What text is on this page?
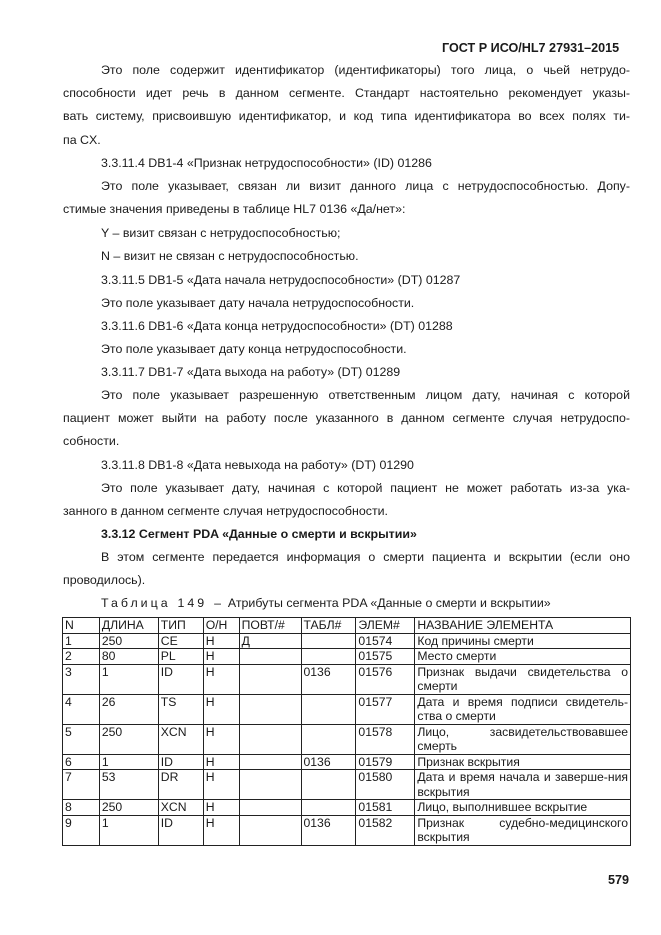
ГОСТ Р ИСО/HL7 27931–2015
Это поле содержит идентификатор (идентификаторы) того лица, о чьей нетрудо-
способности идет речь в данном сегменте. Стандарт настоятельно рекомендует указы-
вать систему, присвоившую идентификатор, и код типа идентификатора во всех полях ти-
па CX.
3.3.11.4 DB1-4 «Признак нетрудоспособности» (ID) 01286
Это поле указывает, связан ли визит данного лица с нетрудоспособностью. Допу-
стимые значения приведены в таблице HL7 0136 «Да/нет»:
Y – визит связан с нетрудоспособностью;
N – визит не связан с нетрудоспособностью.
3.3.11.5 DB1-5 «Дата начала нетрудоспособности» (DT) 01287
Это поле указывает дату начала нетрудоспособности.
3.3.11.6 DB1-6 «Дата конца нетрудоспособности» (DT) 01288
Это поле указывает дату конца нетрудоспособности.
3.3.11.7 DB1-7 «Дата выхода на работу» (DT) 01289
Это поле указывает разрешенную ответственным лицом дату, начиная с которой
пациент может выйти на работу после указанного в данном сегменте случая нетрудоспо-
собности.
3.3.11.8 DB1-8 «Дата невыхода на работу» (DT) 01290
Это поле указывает дату, начиная с которой пациент не может работать из-за ука-
занного в данном сегменте случая нетрудоспособности.
3.3.12 Сегмент PDA «Данные о смерти и вскрытии»
В этом сегменте передается информация о смерти пациента и вскрытии (если оно
проводилось).
Таблица 149 – Атрибуты сегмента PDA «Данные о смерти и вскрытии»
N	ДЛИНА	ТИП	О/Н	ПОВТ/#	ТАБЛ#	ЭЛЕМ#	НАЗВАНИЕ ЭЛЕМЕНТА
1	250	CE	Н	Д		01574	Код причины смерти
2	80	PL	Н			01575	Место смерти
3	1	ID	Н		0136	01576	Признак выдачи свидетельства о смерти
4	26	TS	Н			01577	Дата и время подписи свидетель-ства о смерти
5	250	XCN	Н			01578	Лицо, засвидетельствовавшее смерть
6	1	ID	Н		0136	01579	Признак вскрытия
7	53	DR	Н			01580	Дата и время начала и заверше-ния вскрытия
8	250	XCN	Н			01581	Лицо, выполнившее вскрытие
9	1	ID	Н		0136	01582	Признак судебно-медицинского вскрытия
579
